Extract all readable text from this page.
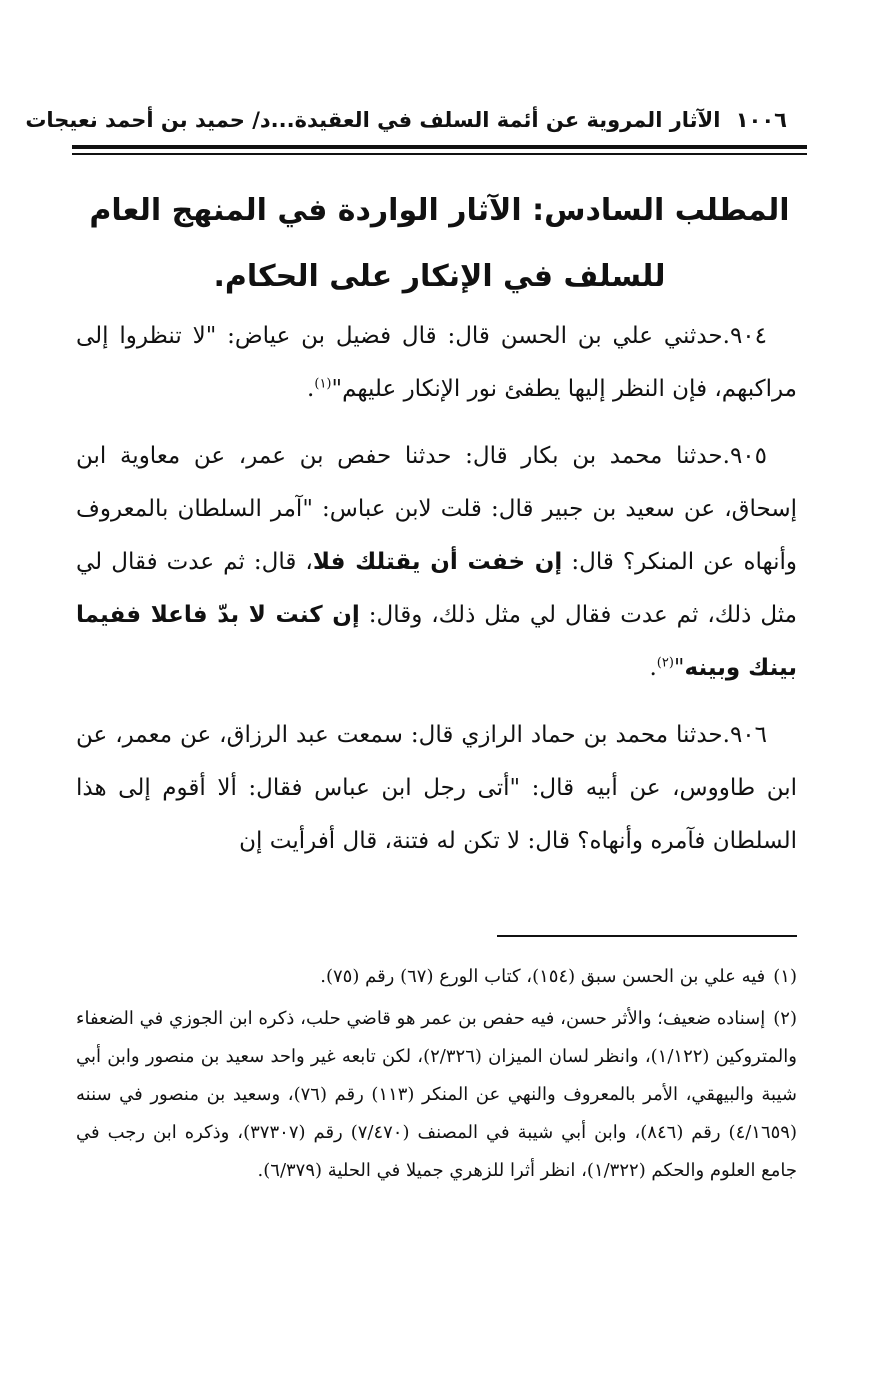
١٠٠٦ الآثار المروية عن أئمة السلف في العقيدة...د/ حميد بن أحمد نعيجات
المطلب السادس: الآثار الواردة في المنهج العام للسلف في الإنكار على الحكام.

٩٠٤.حدثني علي بن الحسن قال: قال فضيل بن عياض: "لا تنظروا إلى مراكبهم، فإن النظر إليها يطفئ نور الإنكار عليهم"$^{(١)}$.

٩٠٥.حدثنا محمد بن بكار قال: حدثنا حفص بن عمر، عن معاوية ابن إسحاق، عن سعيد بن جبير قال: قلت لابن عباس: "آمر السلطان بالمعروف وأنهاه عن المنكر؟ قال: إن خفت أن يقتلك فلا، قال: ثم عدت فقال لي مثل ذلك، ثم عدت فقال لي مثل ذلك، وقال: إن كنت لا بدّ فاعلا ففيما بينك وبينه"$^{(٢)}$.

٩٠٦.حدثنا محمد بن حماد الرازي قال: سمعت عبد الرزاق، عن معمر، عن ابن طاووس، عن أبيه قال: "أتى رجل ابن عباس فقال: ألا أقوم إلى هذا السلطان فآمره وأنهاه؟ قال: لا تكن له فتنة، قال أفرأيت إن

(١)فيه علي بن الحسن سبق (١٥٤)، كتاب الورع (٦٧) رقم (٧٥).
(٢)إسناده ضعيف؛ والأثر حسن، فيه حفص بن عمر هو قاضي حلب، ذكره ابن الجوزي في الضعفاء والمتروكين (١/١٢٢)، وانظر لسان الميزان (٢/٣٢٦)، لكن تابعه غير واحد سعيد بن منصور وابن أبي شيبة والبيهقي، الأمر بالمعروف والنهي عن المنكر (١١٣) رقم (٧٦)، وسعيد بن منصور في سننه (٤/١٦٥٩) رقم (٨٤٦)، وابن أبي شيبة في المصنف (٧/٤٧٠) رقم (٣٧٣٠٧)، وذكره ابن رجب في جامع العلوم والحكم (١/٣٢٢)، انظر أثرا للزهري جميلا في الحلية (٦/٣٧٩).
